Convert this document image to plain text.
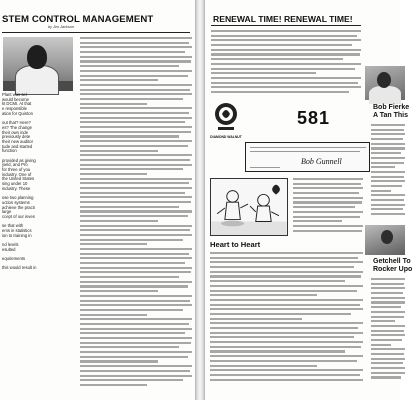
STEM CONTROL MANAGEMENT
by Jim Jackson
Plant was sel
would become
kt DCMI. At that
e responsible
ation for Quinton
out that? Here?
es? The change
their own inde
previously dete
their new auditor
tude and started
function
provided as giving
yield, and Pro
for three of you
industry. One of
the United States
sing under 10
industry. These
ose two planning
uction systems
achieve the practi
large
ccept of our inves
se that with
ems in statistics
ion to training in
nd levels
esulted
equirements
this would result in
RENEWAL TIME! RENEWAL TIME!
DIAMOND WALNUT
581
Bob Gunnell
Heart to Heart
Bob Fierke
A Tan This
Getchell To
Rocker Upo
